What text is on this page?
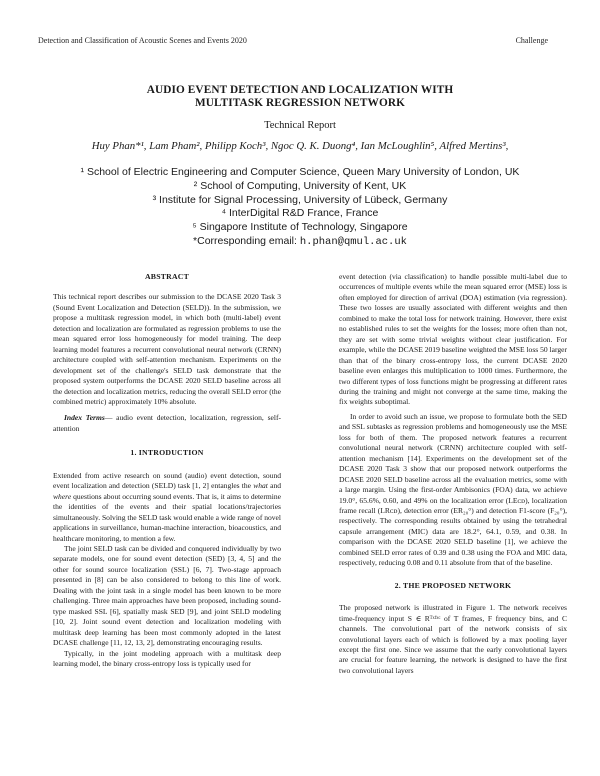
Detection and Classification of Acoustic Scenes and Events 2020	Challenge
AUDIO EVENT DETECTION AND LOCALIZATION WITH
MULTITASK REGRESSION NETWORK
Technical Report
Huy Phan*¹, Lam Pham², Philipp Koch³, Ngoc Q. K. Duong⁴, Ian McLoughlin⁵, Alfred Mertins³,
¹ School of Electric Engineering and Computer Science, Queen Mary University of London, UK
² School of Computing, University of Kent, UK
³ Institute for Signal Processing, University of Lübeck, Germany
⁴ InterDigital R&D France, France
⁵ Singapore Institute of Technology, Singapore
*Corresponding email: h.phan@qmul.ac.uk
ABSTRACT

This technical report describes our submission to the DCASE 2020 Task 3 (Sound Event Localization and Detection (SELD)). In the submission, we propose a multitask regression model, in which both (multi-label) event detection and localization are formulated as regression problems to use the mean squared error loss homogeneously for model training. The deep learning model features a recurrent convolutional neural network (CRNN) architecture coupled with self-attention mechanism. Experiments on the development set of the challenge's SELD task demonstrate that the proposed system outperforms the DCASE 2020 SELD baseline across all the detection and localization metrics, reducing the overall SELD error (the combined metric) approximately 10% absolute.

Index Terms— audio event detection, localization, regression, self-attention

1. INTRODUCTION

Extended from active research on sound (audio) event detection, sound event localization and detection (SELD) task [1, 2] entangles the what and where questions about occurring sound events. That is, it aims to determine the identities of the events and their spatial locations/trajectories simultaneously. Solving the SELD task would enable a wide range of novel applications in surveillance, human-machine interaction, bioacoustics, and healthcare monitoring, to mention a few.

The joint SELD task can be divided and conquered individually by two separate models, one for sound event detection (SED) [3, 4, 5] and the other for sound source localization (SSL) [6, 7]. Two-stage approach presented in [8] can be also considered to belong to this line of work. Dealing with the joint task in a single model has been known to be more challenging. Three main approaches have been proposed, including sound-type masked SSL [6], spatially mask SED [9], and joint SELD modeling [10, 2]. Joint sound event detection and localization modeling with multitask deep learning has been most commonly adopted in the latest DCASE challenge [11, 12, 13, 2], demonstrating encouraging results.

Typically, in the joint modeling approach with a multitask deep learning model, the binary cross-entropy loss is typically used for

event detection (via classification) to handle possible multi-label due to occurrences of multiple events while the mean squared error (MSE) loss is often employed for direction of arrival (DOA) estimation (via regression). These two losses are usually associated with different weights and then combined to make the total loss for network training. However, there exist no established rules to set the weights for the losses; more often than not, they are set with some trivial weights without clear justification. For example, while the DCASE 2019 baseline weighted the MSE loss 50 larger than that of the binary cross-entropy loss, the current DCASE 2020 baseline even enlarges this multiplication to 1000 times. Furthermore, the two different types of loss functions might be progressing at different rates during the training and might not converge at the same time, making the fix weights suboptimal.

In order to avoid such an issue, we propose to formulate both the SED and SSL subtasks as regression problems and homogeneously use the MSE loss for both of them. The proposed network features a recurrent convolutional neural network (CRNN) architecture coupled with self-attention mechanism [14]. Experiments on the development set of the DCASE 2020 Task 3 show that our proposed network outperforms the DCASE 2020 SELD baseline across all the evaluation metrics, some with a large margin. Using the first-order Ambisonics (FOA) data, we achieve 19.0°, 65.6%, 0.60, and 49% on the localization error (LEᴄᴅ), localization frame recall (LRᴄᴅ), detection error (ER₂₀°) and detection F1-score (F₂₀°), respectively. The corresponding results obtained by using the tetrahedral capsule arrangement (MIC) data are 18.2°, 64.1, 0.59, and 0.38. In comparison with the DCASE 2020 SELD baseline [1], we achieve the combined SELD error rates of 0.39 and 0.38 using the FOA and MIC data, respectively, reducing 0.08 and 0.11 absolute from that of the baseline.

2. THE PROPOSED NETWORK

The proposed network is illustrated in Figure 1. The network receives time-frequency input S ∈ Rᵀˣᶠˣᶜ of T frames, F frequency bins, and C channels. The convolutional part of the network consists of six convolutional layers each of which is followed by a max pooling layer except the first one. Since we assume that the early convolutional layers are crucial for feature learning, the network is designed to have the first two convolutional layers
